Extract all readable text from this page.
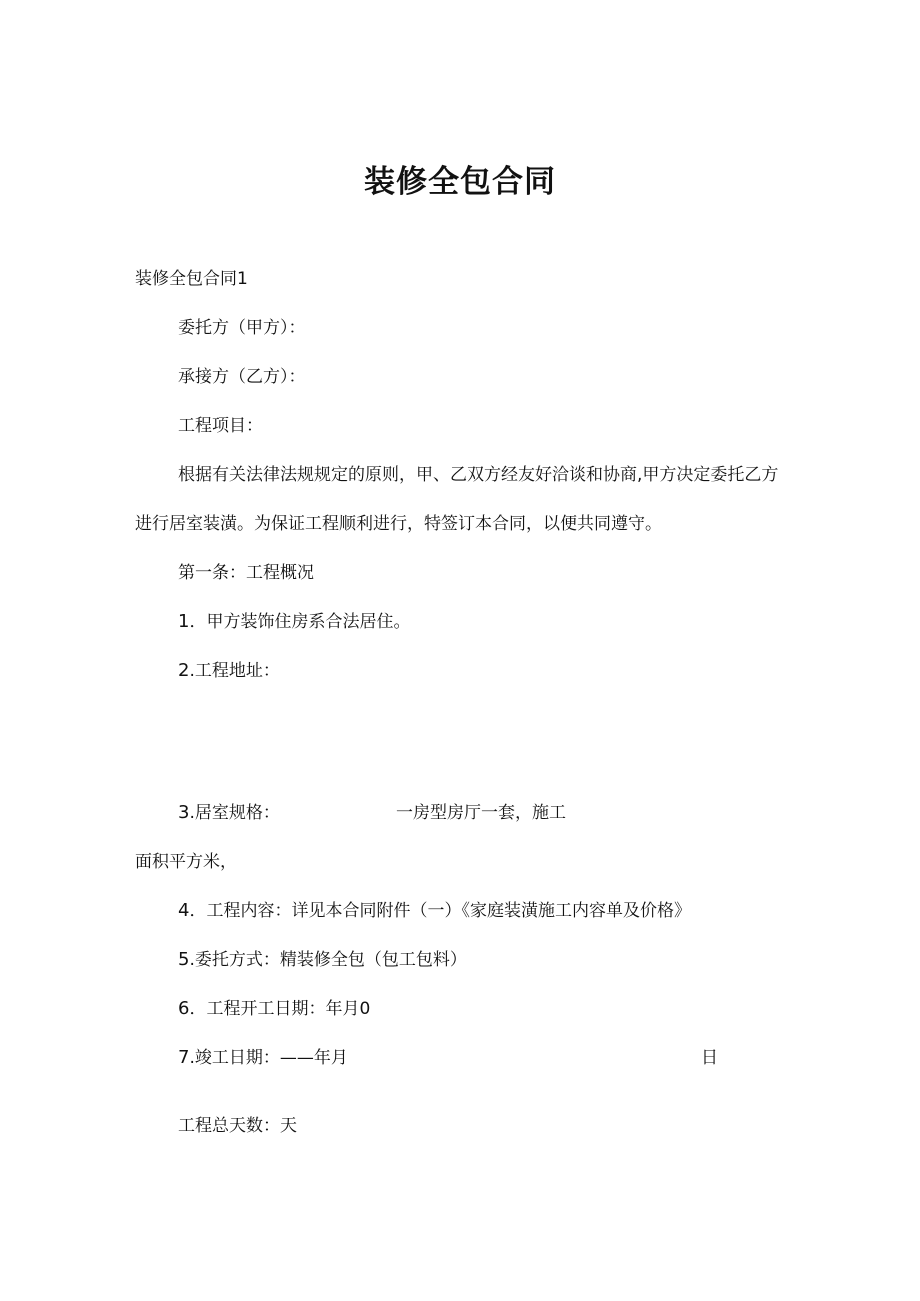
装修全包合同
装修全包合同1
委托方（甲方）：
承接方（乙方）：
工程项目：
根据有关法律法规规定的原则，甲、乙双方经友好洽谈和协商,甲方决定委托乙方
进行居室装潢。为保证工程顺利进行，特签订本合同，以便共同遵守。
第一条：工程概况
1．甲方装饰住房系合法居住。
2.工程地址：
3.居室规格：	一房型房厅一套，施工
面积平方米，
4．工程内容：详见本合同附件（一）《家庭装潢施工内容单及价格》
5.委托方式：精装修全包（包工包料）
6．工程开工日期：年月0
7.竣工日期：——年月	日
工程总天数：天
